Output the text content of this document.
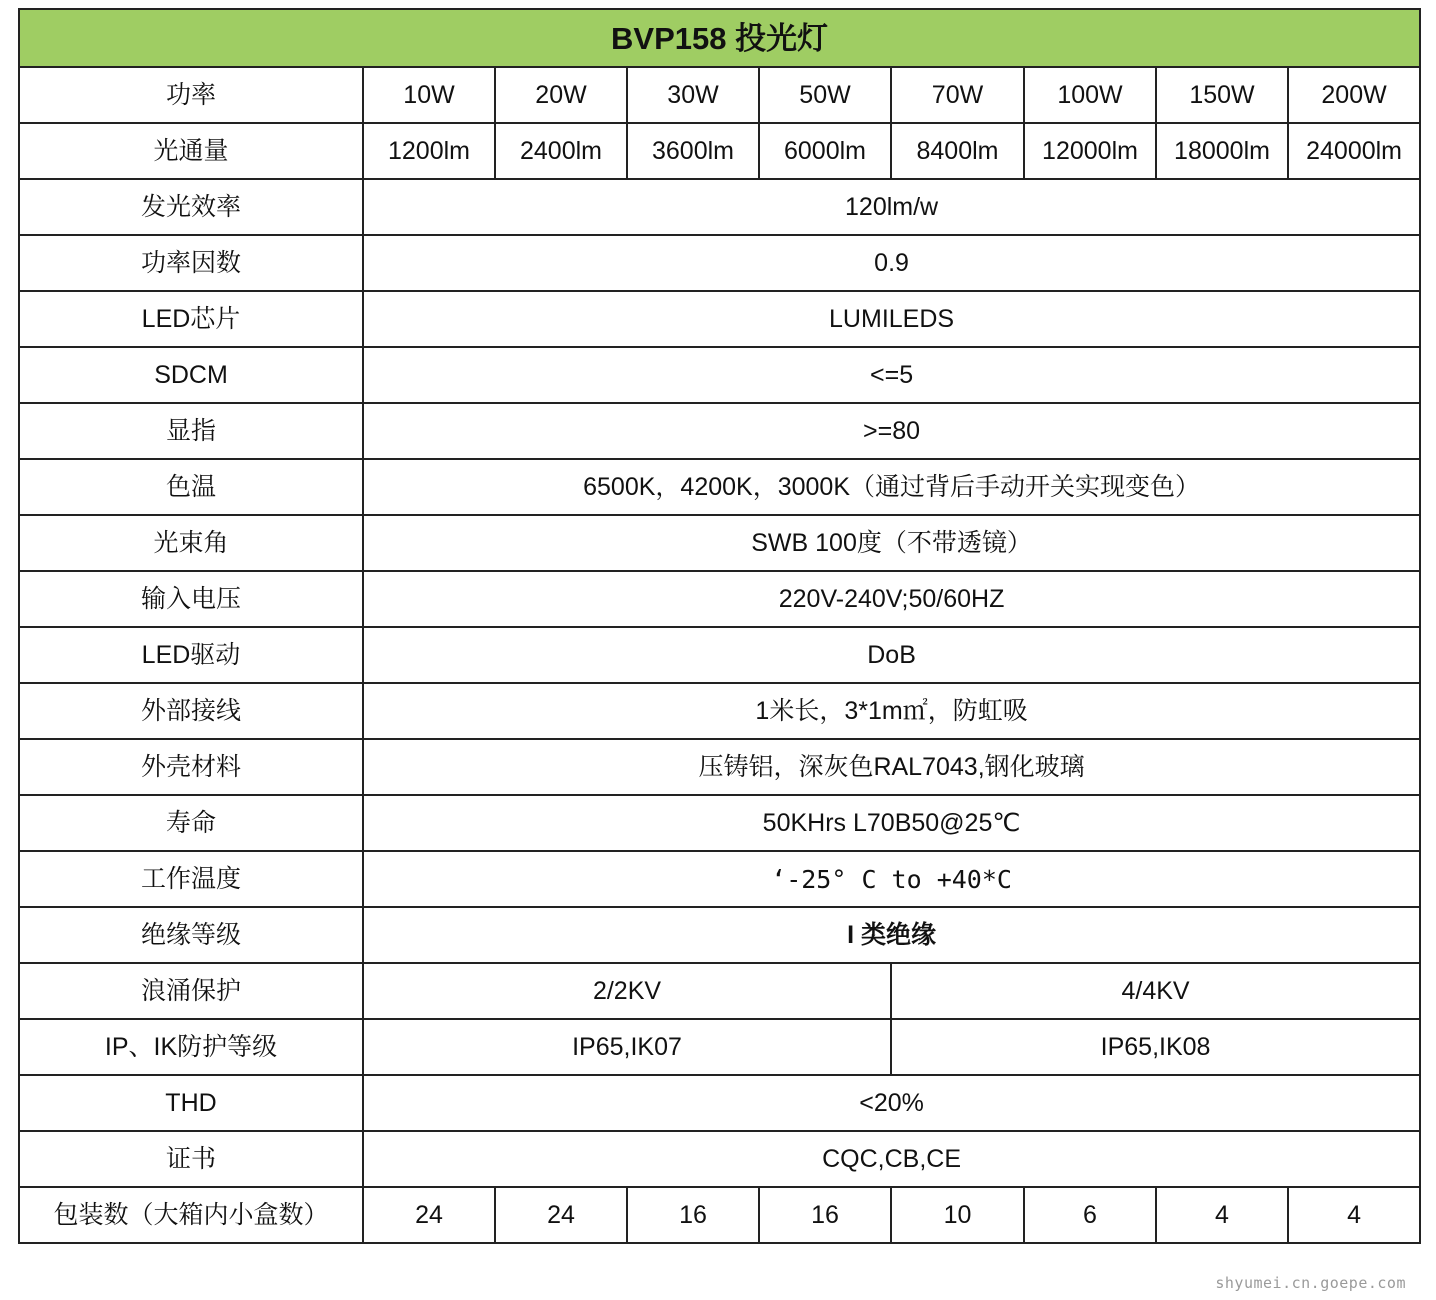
BVP158 投光灯								
功率	10W	20W	30W	50W	70W	100W	150W	200W
光通量	1200lm	2400lm	3600lm	6000lm	8400lm	12000lm	18000lm	24000lm
发光效率	120lm/w							
功率因数	0.9							
LED芯片	LUMILEDS							
SDCM	<=5							
显指	>=80							
色温	6500K，4200K，3000K（通过背后手动开关实现变色）							
光束角	SWB 100度（不带透镜）							
输入电压	220V-240V;50/60HZ							
LED驱动	DoB							
外部接线	1米长，3*1m㎡，防虹吸							
外壳材料	压铸铝，深灰色RAL7043,钢化玻璃							
寿命	50KHrs L70B50@25℃							
工作温度	‘-25° C to +40*C							
绝缘等级	I 类绝缘							
浪涌保护	2/2KV				4/4KV			
IP、IK防护等级	IP65,IK07				IP65,IK08			
THD	<20%							
证书	CQC,CB,CE							
包装数（大箱内小盒数）	24	24	16	16	10	6	4	4
shyumei.cn.goepe.com
